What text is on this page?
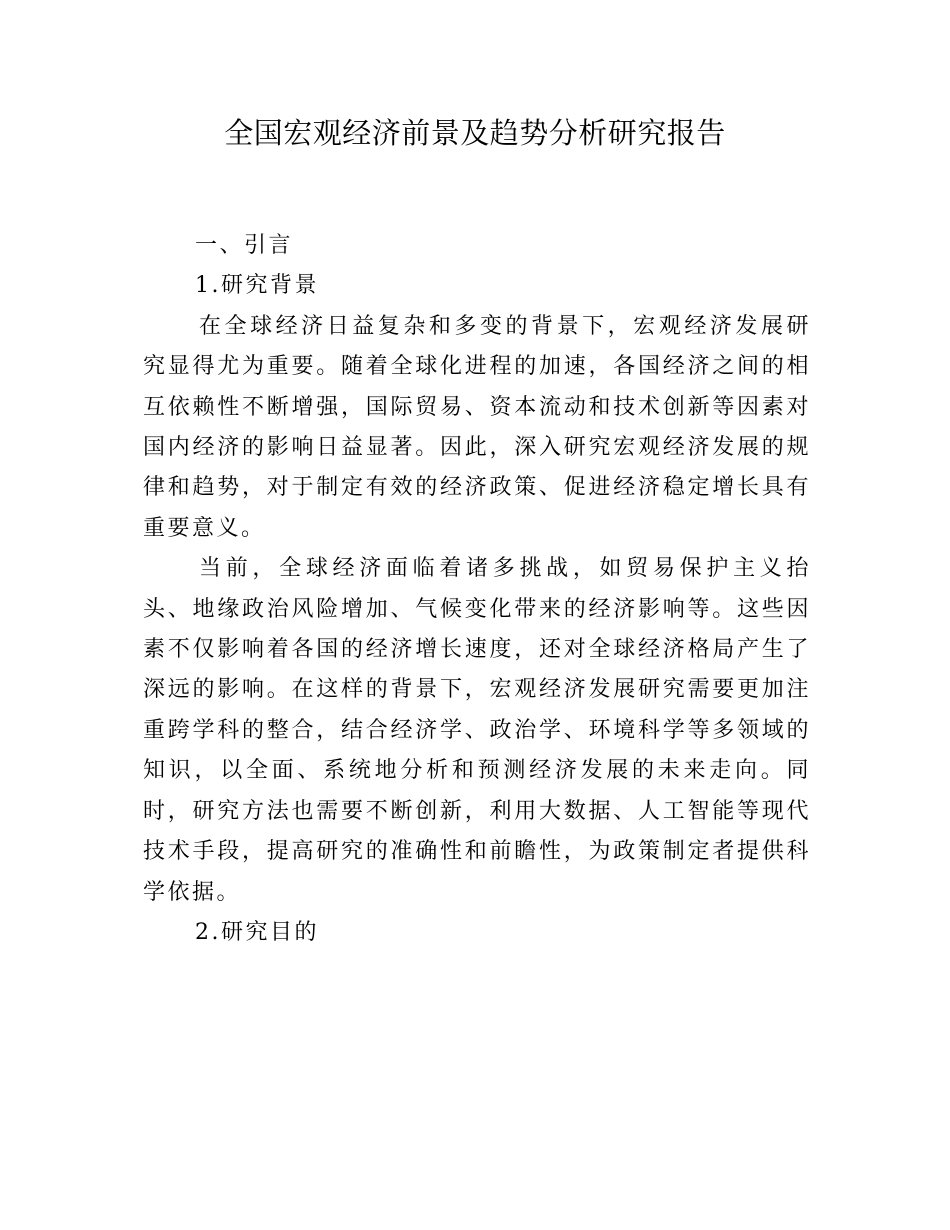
全国宏观经济前景及趋势分析研究报告
一、引言
1.研究背景

在全球经济日益复杂和多变的背景下，宏观经济发展研究显得尤为重要。随着全球化进程的加速，各国经济之间的相互依赖性不断增强，国际贸易、资本流动和技术创新等因素对国内经济的影响日益显著。因此，深入研究宏观经济发展的规律和趋势，对于制定有效的经济政策、促进经济稳定增长具有重要意义。

当前，全球经济面临着诸多挑战，如贸易保护主义抬头、地缘政治风险增加、气候变化带来的经济影响等。这些因素不仅影响着各国的经济增长速度，还对全球经济格局产生了深远的影响。在这样的背景下，宏观经济发展研究需要更加注重跨学科的整合，结合经济学、政治学、环境科学等多领域的知识，以全面、系统地分析和预测经济发展的未来走向。同时，研究方法也需要不断创新，利用大数据、人工智能等现代技术手段，提高研究的准确性和前瞻性，为政策制定者提供科学依据。

2.研究目的
